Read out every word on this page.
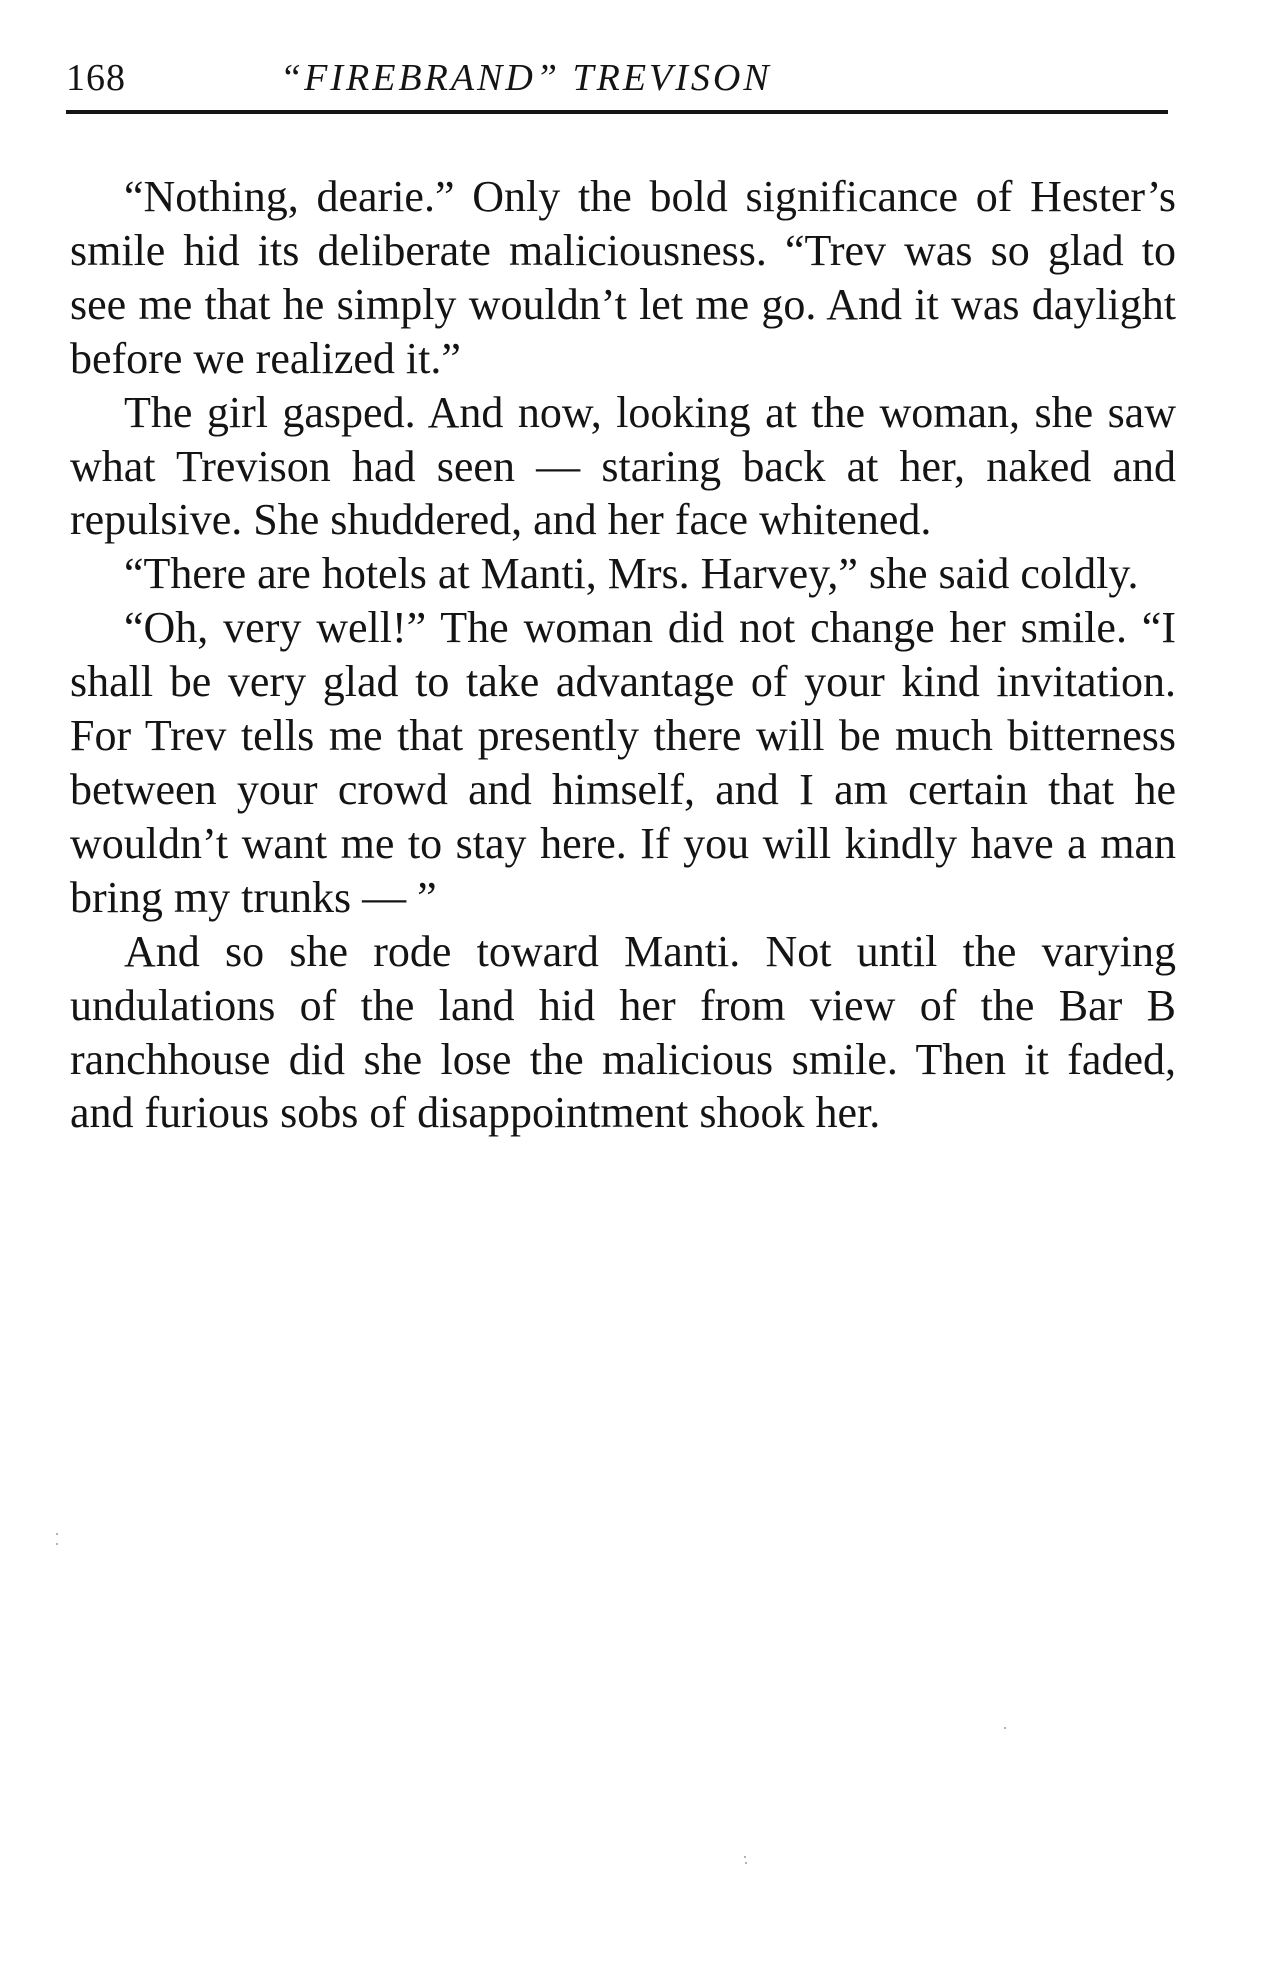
168	“FIREBRAND” TREVISON

“Nothing, dearie.” Only the bold significance of Hester’s smile hid its deliberate maliciousness. “Trev was so glad to see me that he simply wouldn’t let me go. And it was daylight before we realized it.”

The girl gasped. And now, looking at the woman, she saw what Trevison had seen — staring back at her, naked and repulsive. She shuddered, and her face whitened.

“There are hotels at Manti, Mrs. Harvey,” she said coldly.

“Oh, very well!” The woman did not change her smile. “I shall be very glad to take advantage of your kind invitation. For Trev tells me that presently there will be much bitterness between your crowd and himself, and I am certain that he wouldn’t want me to stay here. If you will kindly have a man bring my trunks — ”

And so she rode toward Manti. Not until the varying undulations of the land hid her from view of the Bar B ranchhouse did she lose the malicious smile. Then it faded, and furious sobs of disappointment shook her.
